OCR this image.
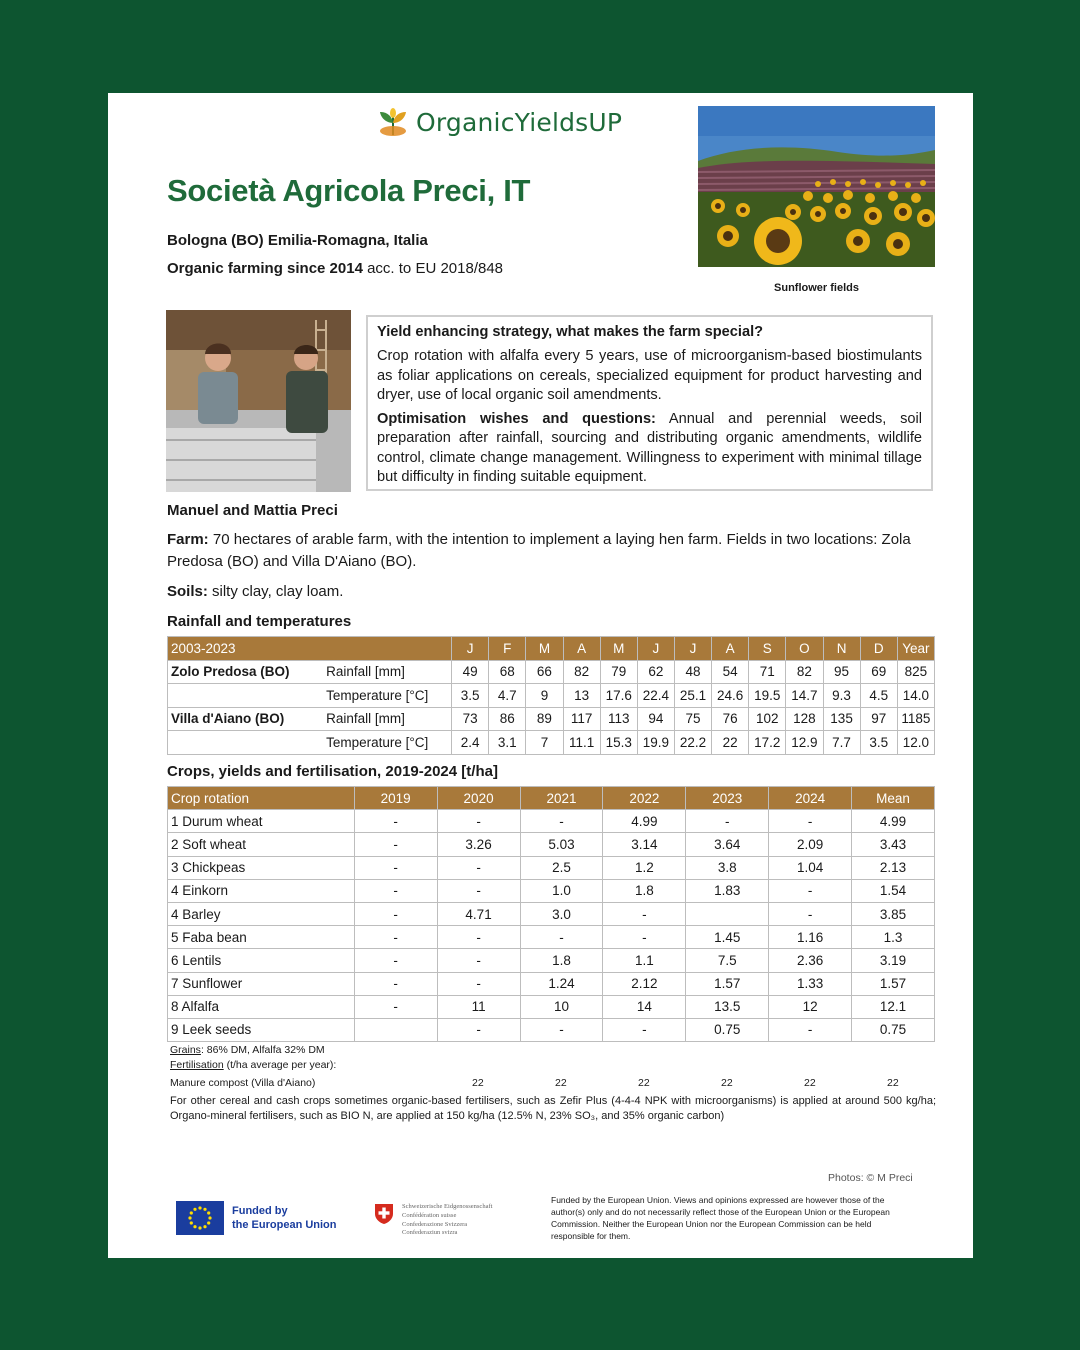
OrganicYieldsUP
Società Agricola Preci, IT
Bologna (BO) Emilia-Romagna, Italia
Organic farming since 2014 acc. to EU 2018/848
Sunflower fields
Manuel and Mattia Preci

Yield enhancing strategy, what makes the farm special?

Crop rotation with alfalfa every 5 years, use of microorganism-based biostimulants as foliar applications on cereals, specialized equipment for product harvesting and dryer, use of local organic soil amendments.

Optimisation wishes and questions: Annual and perennial weeds, soil preparation after rainfall, sourcing and distributing organic amendments, wildlife control, climate change management. Willingness to experiment with minimal tillage but difficulty in finding suitable equipment.

Farm: 70 hectares of arable farm, with the intention to implement a laying hen farm. Fields in two locations: Zola Predosa (BO) and Villa D'Aiano (BO).
Soils: silty clay, clay loam.
Rainfall and temperatures
2003-2023		J	F	M	A	M	J	J	A	S	O	N	D	Year
Zolo Predosa (BO)	Rainfall [mm]	49	68	66	82	79	62	48	54	71	82	95	69	825
	Temperature [°C]	3.5	4.7	9	13	17.6	22.4	25.1	24.6	19.5	14.7	9.3	4.5	14.0
Villa d'Aiano (BO)	Rainfall [mm]	73	86	89	117	113	94	75	76	102	128	135	97	1185
	Temperature [°C]	2.4	3.1	7	11.1	15.3	19.9	22.2	22	17.2	12.9	7.7	3.5	12.0
Crops, yields and fertilisation, 2019-2024 [t/ha]
Crop rotation	2019	2020	2021	2022	2023	2024	Mean
1 Durum wheat	-	-	-	4.99	-	-	4.99
2 Soft wheat	-	3.26	5.03	3.14	3.64	2.09	3.43
3 Chickpeas	-	-	2.5	1.2	3.8	1.04	2.13
4 Einkorn	-	-	1.0	1.8	1.83	-	1.54
4 Barley	-	4.71	3.0	-		-	3.85
5 Faba bean	-	-	-	-	1.45	1.16	1.3
6 Lentils	-	-	1.8	1.1	7.5	2.36	3.19
7 Sunflower	-	-	1.24	2.12	1.57	1.33	1.57
8 Alfalfa	-	11	10	14	13.5	12	12.1
9 Leek seeds		-	-	-	0.75	-	0.75
Grains: 86% DM, Alfalfa 32% DM
Fertilisation (t/ha average per year):
Manure compost (Villa d'Aiano)	22	22	22	22	22	22
For other cereal and cash crops sometimes organic-based fertilisers, such as Zefir Plus (4-4-4 NPK with microorganisms) is applied at around 500 kg/ha; Organo-mineral fertilisers, such as BIO N, are applied at 150 kg/ha (12.5% N, 23% SO₃, and 35% organic carbon)
Photos: © M Preci
Funded by
the European Union
Schweizerische Eidgenossenschaft
Confédération suisse
Confederazione Svizzera
Confederaziun svizra
Funded by the European Union. Views and opinions expressed are however those of the author(s) only and do not necessarily reflect those of the European Union or the European Commission. Neither the European Union nor the European Commission can be held responsible for them.
